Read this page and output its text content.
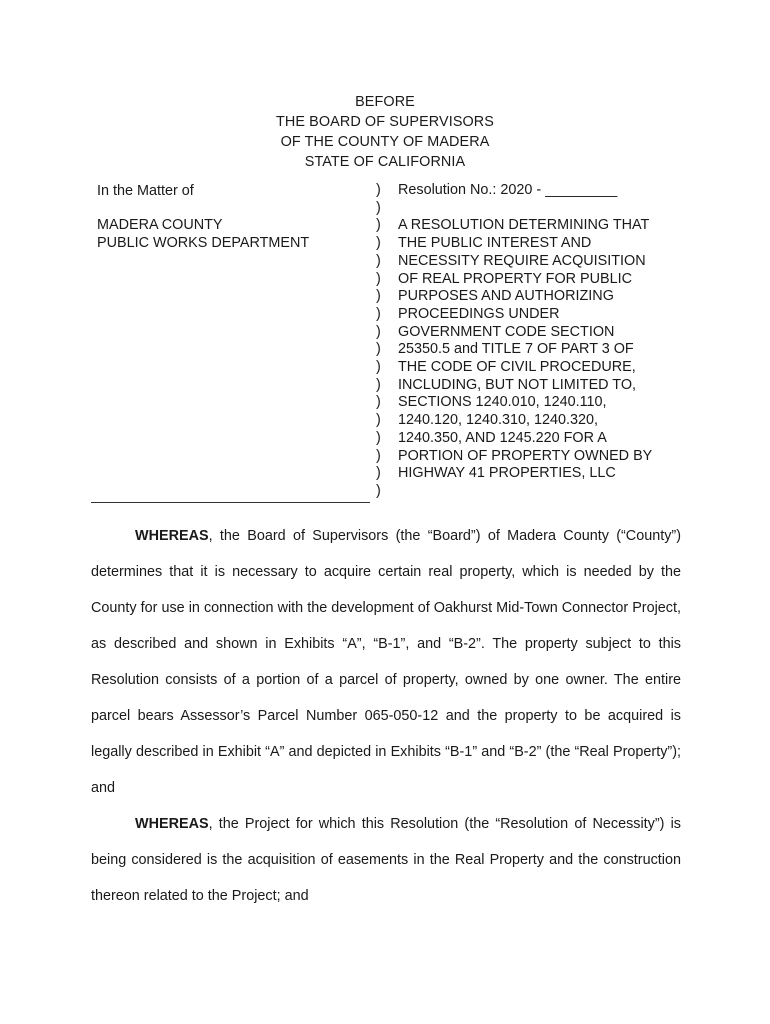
BEFORE
THE BOARD OF SUPERVISORS
OF THE COUNTY OF MADERA
STATE OF CALIFORNIA
In the Matter of
MADERA COUNTY
PUBLIC WORKS DEPARTMENT
)
)
)
)
)
)
)
)
)
)
)
)
)
)
)
)
)
)
Resolution No.: 2020 - _________
A RESOLUTION DETERMINING THAT
THE PUBLIC INTEREST AND
NECESSITY REQUIRE ACQUISITION
OF REAL PROPERTY FOR PUBLIC
PURPOSES AND AUTHORIZING
PROCEEDINGS UNDER
GOVERNMENT CODE SECTION
25350.5 and TITLE 7 OF PART 3 OF
THE CODE OF CIVIL PROCEDURE,
INCLUDING, BUT NOT LIMITED TO,
SECTIONS 1240.010, 1240.110,
1240.120, 1240.310, 1240.320,
1240.350, AND 1245.220 FOR A
PORTION OF PROPERTY OWNED BY
HIGHWAY 41 PROPERTIES, LLC

WHEREAS, the Board of Supervisors (the “Board”) of Madera County (“County”) determines that it is necessary to acquire certain real property, which is needed by the County for use in connection with the development of Oakhurst Mid-Town Connector Project, as described and shown in Exhibits “A”, “B-1”, and “B-2”. The property subject to this Resolution consists of a portion of a parcel of property, owned by one owner. The entire parcel bears Assessor’s Parcel Number 065-050-12 and the property to be acquired is legally described in Exhibit “A” and depicted in Exhibits “B-1” and “B-2” (the “Real Property”); and

WHEREAS, the Project for which this Resolution (the “Resolution of Necessity”) is being considered is the acquisition of easements in the Real Property and the construction thereon related to the Project; and
